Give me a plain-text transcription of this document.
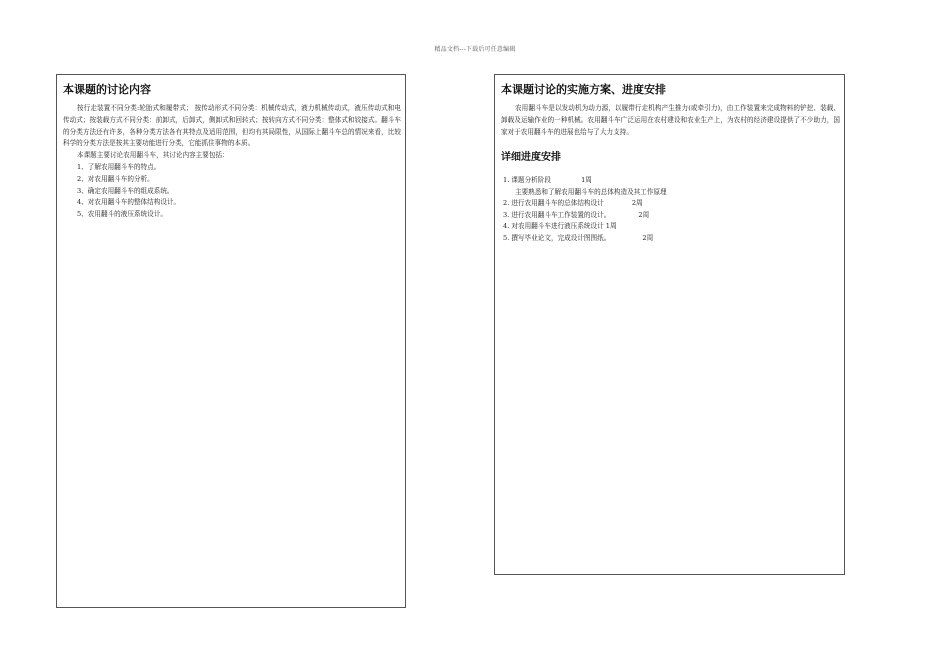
精品文档---下载后可任意编辑
本课题的讨论内容

按行走装置不同分类:轮胎式和履带式； 按传动形式不同分类：机械传动式，液力机械传动式，液压传动式和电传动式；按装载方式不同分类：前卸式，后卸式，侧卸式和回转式；按转向方式不同分类：整体式和铰接式。翻斗车的分类方法还有许多，各种分类方法各有其特点及适用范围，但均有其局限性，从国际上翻斗车总的情况来看，比较科学的分类方法是按其主要功能进行分类，它能抓住事物的本质。

本课题主要讨论农用翻斗车，其讨论内容主要包括：

1、了解农用翻斗车的特点。
2、对农用翻斗车的分析。
3、确定农用翻斗车的组成系统。
4、对农用翻斗车的整体结构设计。
5、农用翻斗的液压系统设计。
本课题讨论的实施方案、进度安排

农用翻斗车是以发动机为动力源，以履带行走机构产生推力(或牵引力)，由工作装置来完成物料的铲挖、装载、卸载及运输作业的一种机械。农用翻斗车广泛运用在农村建设和农业生产上，为农村的经济建设提供了不少助力，国家对于农用翻斗车的进展也给与了大力支持。

详细进度安排
1. 课题分析阶段	1周
主要熟悉和了解农用翻斗车的总体构造及其工作原理
2. 进行农用翻斗车的总体结构设计	2周
3. 进行农用翻斗车工作装置的设计。	2周
4. 对农用翻斗车进行液压系统设计 1周
5. 撰写毕业论文，完成设计图图纸。	2周
